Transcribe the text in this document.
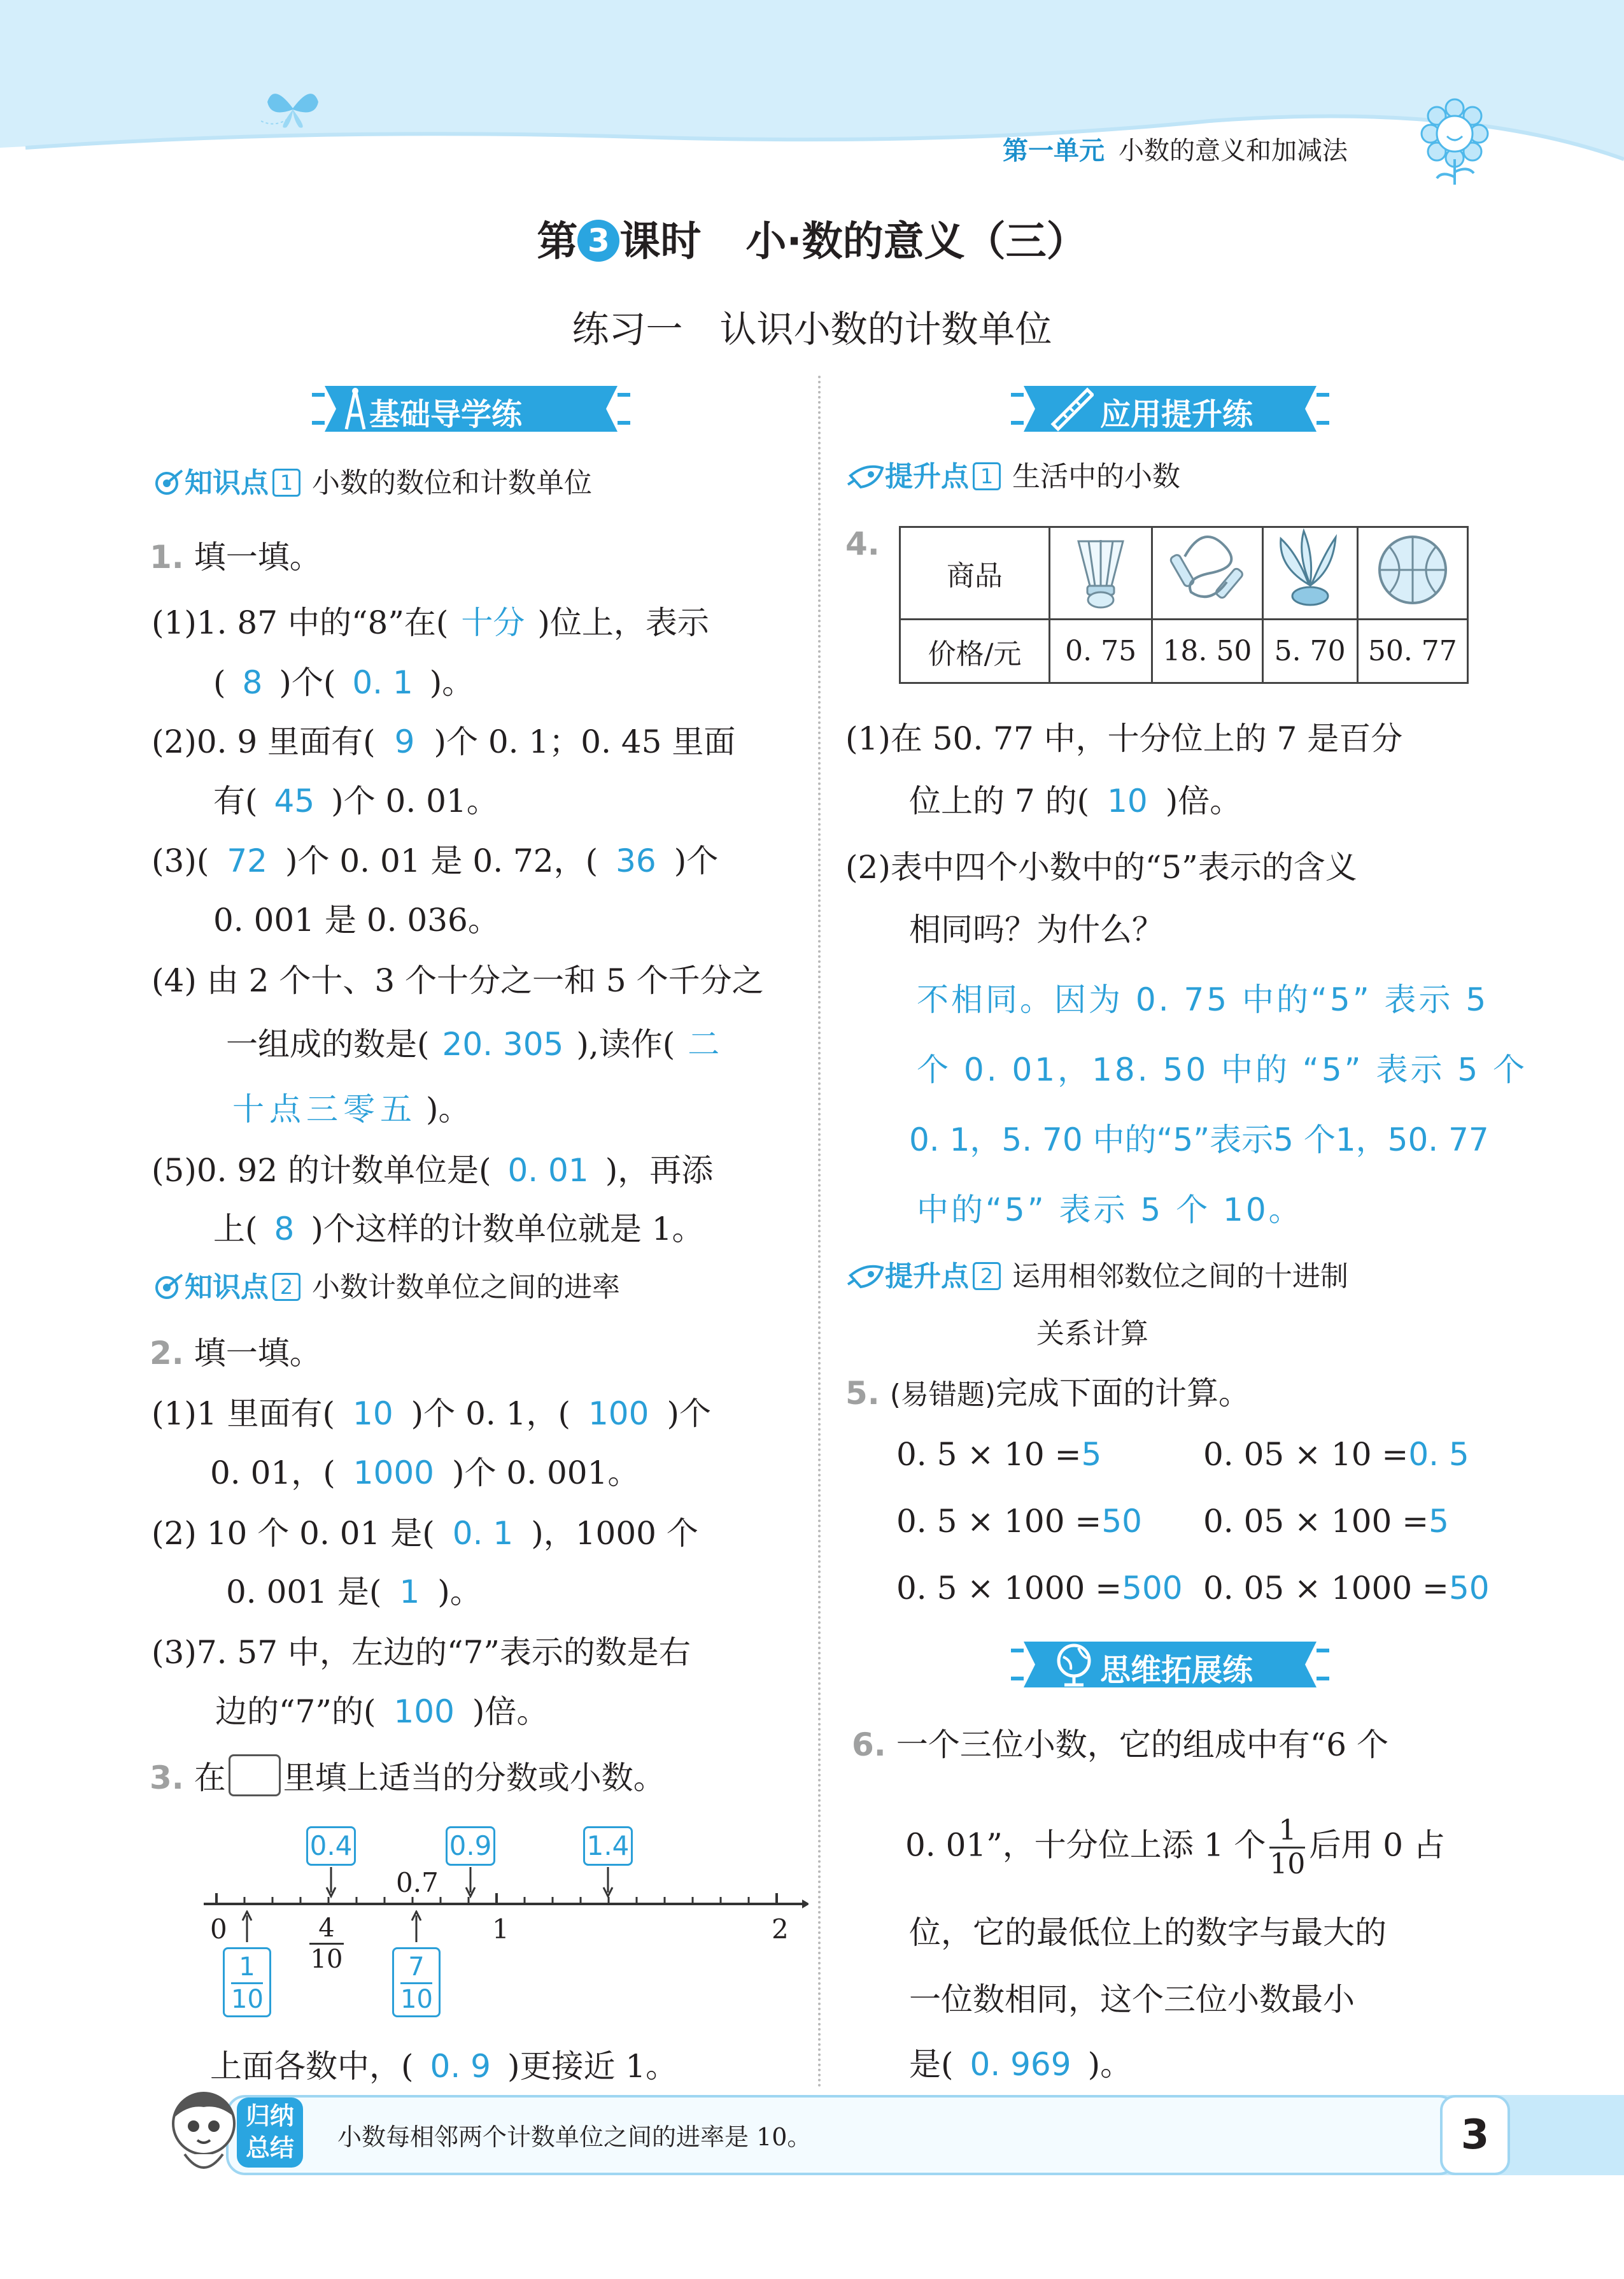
第一单元 小数的意义和加减法
第 3 课时 小·数的意义（三）
练习一　认识小数的计数单位
基础导学练
知识点 1 小数的数位和计数单位
1. 填一填。
(1)1. 87 中的“8”在( 十分 )位上，表示
( 8 )个( 0. 1 )。
(2)0. 9 里面有( 9 )个 0. 1；0. 45 里面
有( 45 )个 0. 01。
(3)( 72 )个 0. 01 是 0. 72，( 36 )个
0. 001 是 0. 036。
(4) 由 2 个十、3 个十分之一和 5 个千分之
一组成的数是( 20. 305 ),读作( 二
十点三零五 )。
(5)0. 92 的计数单位是( 0. 01 )，再添
上( 8 )个这样的计数单位就是 1。
知识点 2 小数计数单位之间的进率
2. 填一填。
(1)1 里面有( 10 )个 0. 1，( 100 )个
0. 01，( 1000 )个 0. 001。
(2) 10 个 0. 01 是( 0. 1 )，1000 个
0. 001 是( 1 )。
(3)7. 57 中，左边的“7”表示的数是右
边的“7”的( 100 )倍。
3. 在 里填上适当的分数或小数。
0.4	0.9	1.4
0.7
0	1	2
4
10
1
10
7
10
上面各数中，( 0. 9 )更接近 1。
应用提升练
提升点 1 生活中的小数
4.
商品				
价格/元	0. 75	18. 50	5. 70	50. 77
(1)在 50. 77 中，十分位上的 7 是百分
位上的 7 的( 10 )倍。
(2)表中四个小数中的“5”表示的含义
相同吗？为什么？
不相同。因为 0. 75 中的“5” 表示 5
个 0. 01，18. 50 中的 “5” 表示 5 个
0. 1，5. 70 中的“5”表示5 个1，50. 77
中的“5” 表示 5 个 10。
提升点 2 运用相邻数位之间的十进制
关系计算
5. (易错题)完成下面的计算。
0. 5 × 10 =5	0. 05 × 10 =0. 5
0. 5 × 100 =50 0. 05 × 100 =5
0. 5 × 1000 =500 0. 05 × 1000 =50
思维拓展练
6. 一个三位小数，它的组成中有“6 个
0. 01”，十分位上添 1 个 $\frac{1}{10}$ 后用 0 占
位，它的最低位上的数字与最大的
一位数相同，这个三位小数最小
是( 0. 969 )。
归纳
总结	小数每相邻两个计数单位之间的进率是 10。	3
